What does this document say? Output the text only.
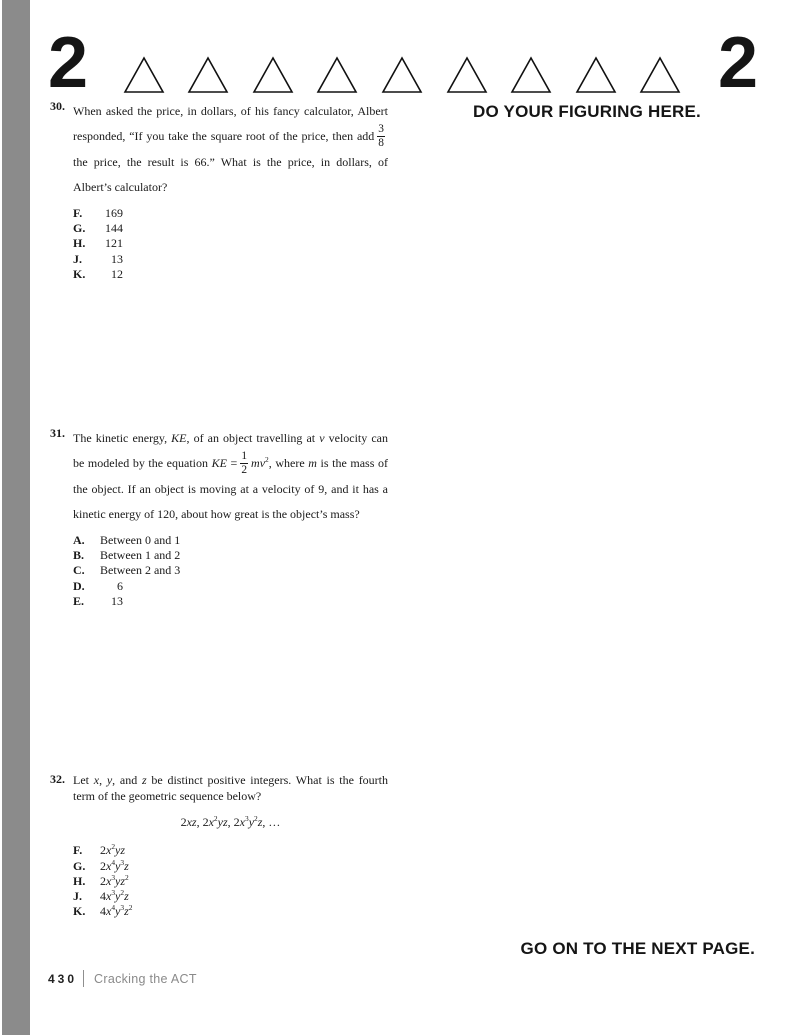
2	2
30. When asked the price, in dollars, of his fancy calculator, Albert responded, “If you take the square root of the price, then add $\frac{3}{8}$
the price, the result is 66.” What is the price, in dollars, of Albert’s calculator?
F.	169
G.	144
H.	121
J.	13
K.	12
31. The kinetic energy, KE, of an object travelling at v velocity can be modeled by the equation KE = $\frac{1}{2} mv^2$, where m is the mass of the object. If an object is moving at a velocity of 9, and it has a kinetic energy of 120, about how great is the object’s mass?
A.	Between 0 and 1
B.	Between 1 and 2
C.	Between 2 and 3
D.	6
E.	13
32. Let x, y, and z be distinct positive integers. What is the fourth term of the geometric sequence below?
2xz, $2x^2yz$, $2x^3y^2z$, …
F.	$2x^2yz$
G.	$2x^4y^3z$
H.	$2x^3yz^2$
J.	$4x^3y^2z$
K.	$4x^4y^3z^2$
DO YOUR FIGURING HERE.
GO ON TO THE NEXT PAGE.
430 Cracking the ACT
